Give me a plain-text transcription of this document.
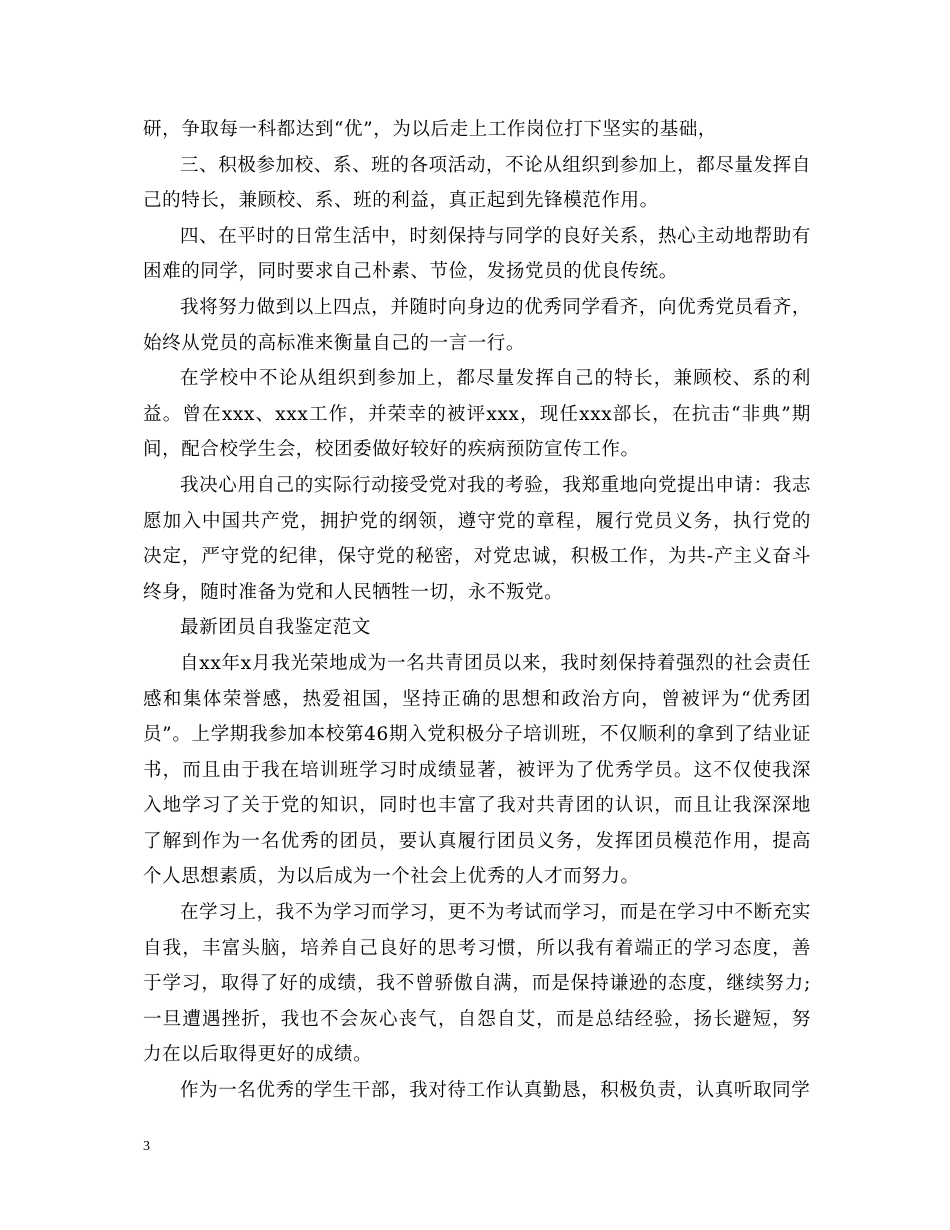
研，争取每一科都达到“优”，为以后走上工作岗位打下坚实的基础，

三、积极参加校、系、班的各项活动，不论从组织到参加上，都尽量发挥自己的特长，兼顾校、系、班的利益，真正起到先锋模范作用。

四、在平时的日常生活中，时刻保持与同学的良好关系，热心主动地帮助有困难的同学，同时要求自己朴素、节俭，发扬党员的优良传统。

我将努力做到以上四点，并随时向身边的优秀同学看齐，向优秀党员看齐，始终从党员的高标准来衡量自己的一言一行。

在学校中不论从组织到参加上，都尽量发挥自己的特长，兼顾校、系的利益。曾在xxx、xxx工作，并荣幸的被评xxx，现任xxx部长，在抗击“非典”期间，配合校学生会，校团委做好较好的疾病预防宣传工作。

我决心用自己的实际行动接受党对我的考验，我郑重地向党提出申请：我志愿加入中国共产党，拥护党的纲领，遵守党的章程，履行党员义务，执行党的决定，严守党的纪律，保守党的秘密，对党忠诚，积极工作，为共-产主义奋斗终身，随时准备为党和人民牺牲一切，永不叛党。

最新团员自我鉴定范文

自xx年x月我光荣地成为一名共青团员以来，我时刻保持着强烈的社会责任感和集体荣誉感，热爱祖国，坚持正确的思想和政治方向，曾被评为“优秀团员”。上学期我参加本校第46期入党积极分子培训班，不仅顺利的拿到了结业证书，而且由于我在培训班学习时成绩显著，被评为了优秀学员。这不仅使我深入地学习了关于党的知识，同时也丰富了我对共青团的认识，而且让我深深地了解到作为一名优秀的团员，要认真履行团员义务，发挥团员模范作用，提高个人思想素质，为以后成为一个社会上优秀的人才而努力。

在学习上，我不为学习而学习，更不为考试而学习，而是在学习中不断充实自我，丰富头脑，培养自己良好的思考习惯，所以我有着端正的学习态度，善于学习，取得了好的成绩，我不曾骄傲自满，而是保持谦逊的态度，继续努力;一旦遭遇挫折，我也不会灰心丧气，自怨自艾，而是总结经验，扬长避短，努力在以后取得更好的成绩。

作为一名优秀的学生干部，我对待工作认真勤恳，积极负责，认真听取同学

3
